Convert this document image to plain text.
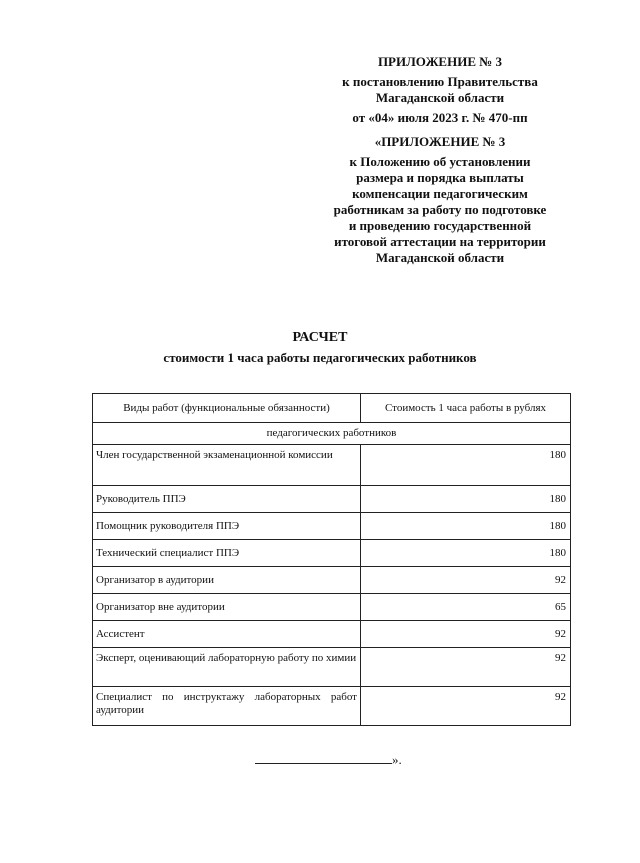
ПРИЛОЖЕНИЕ № 3

к постановлению Правительства

Магаданской области

от «04» июля 2023 г. № 470-пп

«ПРИЛОЖЕНИЕ № 3

к Положению об установлении

размера и порядка выплаты

компенсации педагогическим

работникам за работу по подготовке

и проведению государственной

итоговой аттестации на территории

Магаданской области

РАСЧЕТ
стоимости 1 часа работы педагогических работников
Виды работ (функциональные обязанности)	Стоимость 1 часа работы в рублях
педагогических работников	
Член государственной экзаменационной комиссии	180
Руководитель ППЭ	180
Помощник руководителя ППЭ	180
Технический специалист ППЭ	180
Организатор в аудитории	92
Организатор вне аудитории	65
Ассистент	92
Эксперт, оценивающий лабораторную работу по химии	92
Специалист по инструктажу лабораторных работ аудитории	92
».
